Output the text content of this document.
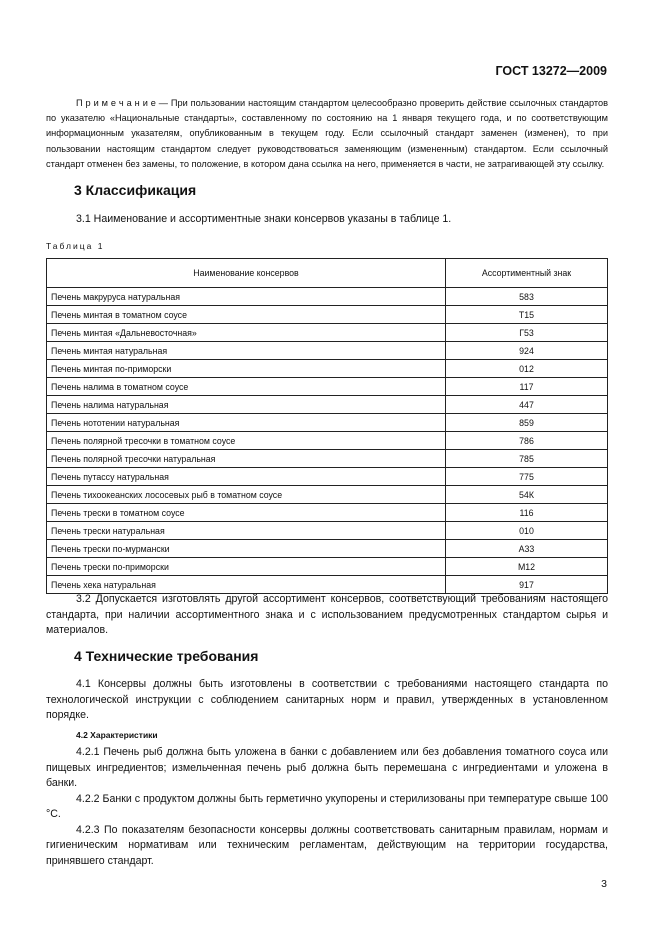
ГОСТ 13272—2009

П р и м е ч а н и е — При пользовании настоящим стандартом целесообразно проверить действие ссылочных стандартов по указателю «Национальные стандарты», составленному по состоянию на 1 января текущего года, и по соответствующим информационным указателям, опубликованным в текущем году. Если ссылочный стандарт заменен (изменен), то при пользовании настоящим стандартом следует руководствоваться заменяющим (измененным) стандартом. Если ссылочный стандарт отменен без замены, то положение, в котором дана ссылка на него, применяется в части, не затрагивающей эту ссылку.

3 Классификация

3.1 Наименование и ассортиментные знаки консервов указаны в таблице 1.

Таблица 1
Наименование консервов	Ассортиментный знак
Печень макруруса натуральная	583
Печень минтая в томатном соусе	Т15
Печень минтая «Дальневосточная»	Г53
Печень минтая натуральная	924
Печень минтая по-приморски	012
Печень налима в томатном соусе	117
Печень налима натуральная	447
Печень нототении натуральная	859
Печень полярной тресочки в томатном соусе	786
Печень полярной тресочки натуральная	785
Печень путассу натуральная	775
Печень тихоокеанских лососевых рыб в томатном соусе	54К
Печень трески в томатном соусе	116
Печень трески натуральная	010
Печень трески по-мурмански	А33
Печень трески по-приморски	М12
Печень хека натуральная	917

3.2 Допускается изготовлять другой ассортимент консервов, соответствующий требованиям настоящего стандарта, при наличии ассортиментного знака и с использованием предусмотренных стандартом сырья и материалов.

4 Технические требования

4.1 Консервы должны быть изготовлены в соответствии с требованиями настоящего стандарта по технологической инструкции с соблюдением санитарных норм и правил, утвержденных в установленном порядке.

4.2 Характеристики

4.2.1 Печень рыб должна быть уложена в банки с добавлением или без добавления томатного соуса или пищевых ингредиентов; измельченная печень рыб должна быть перемешана с ингредиентами и уложена в банки.

4.2.2 Банки с продуктом должны быть герметично укупорены и стерилизованы при температуре свыше 100 °С.

4.2.3 По показателям безопасности консервы должны соответствовать санитарным правилам, нормам и гигиеническим нормативам или техническим регламентам, действующим на территории государства, принявшего стандарт.

3
